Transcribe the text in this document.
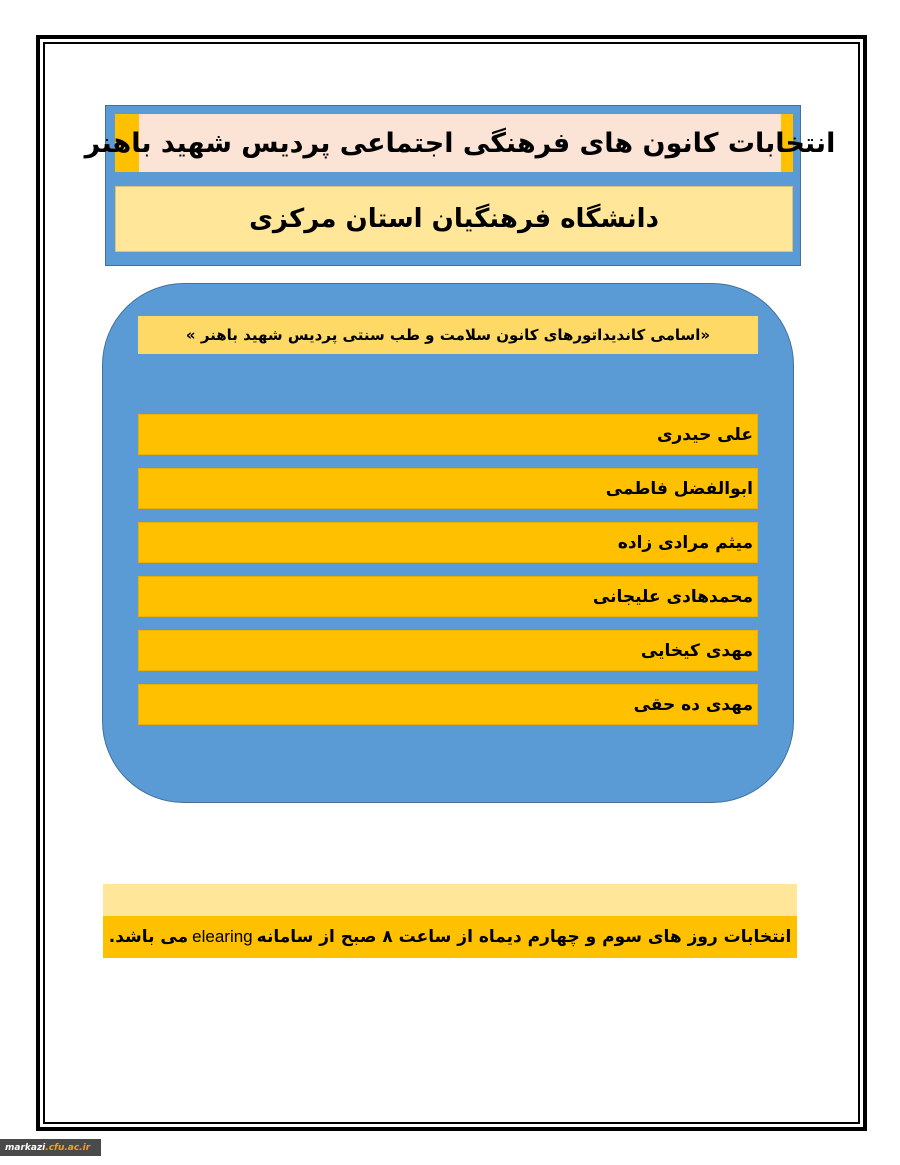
انتخابات کانون های فرهنگی اجتماعی پردیس شهید باهنر
دانشگاه فرهنگیان استان مرکزی
«اسامی کاندیداتورهای کانون سلامت و طب سنتی پردیس شهید باهنر »
علی حیدری
ابوالفضل فاطمی
میثم مرادی زاده
محمدهادی علیجانی
مهدی کیخایی
مهدی ده حقی
انتخابات روز های سوم و چهارم دیماه از ساعت ۸ صبح از سامانه
elearing
می باشد.
markazi .cfu.ac.ir
